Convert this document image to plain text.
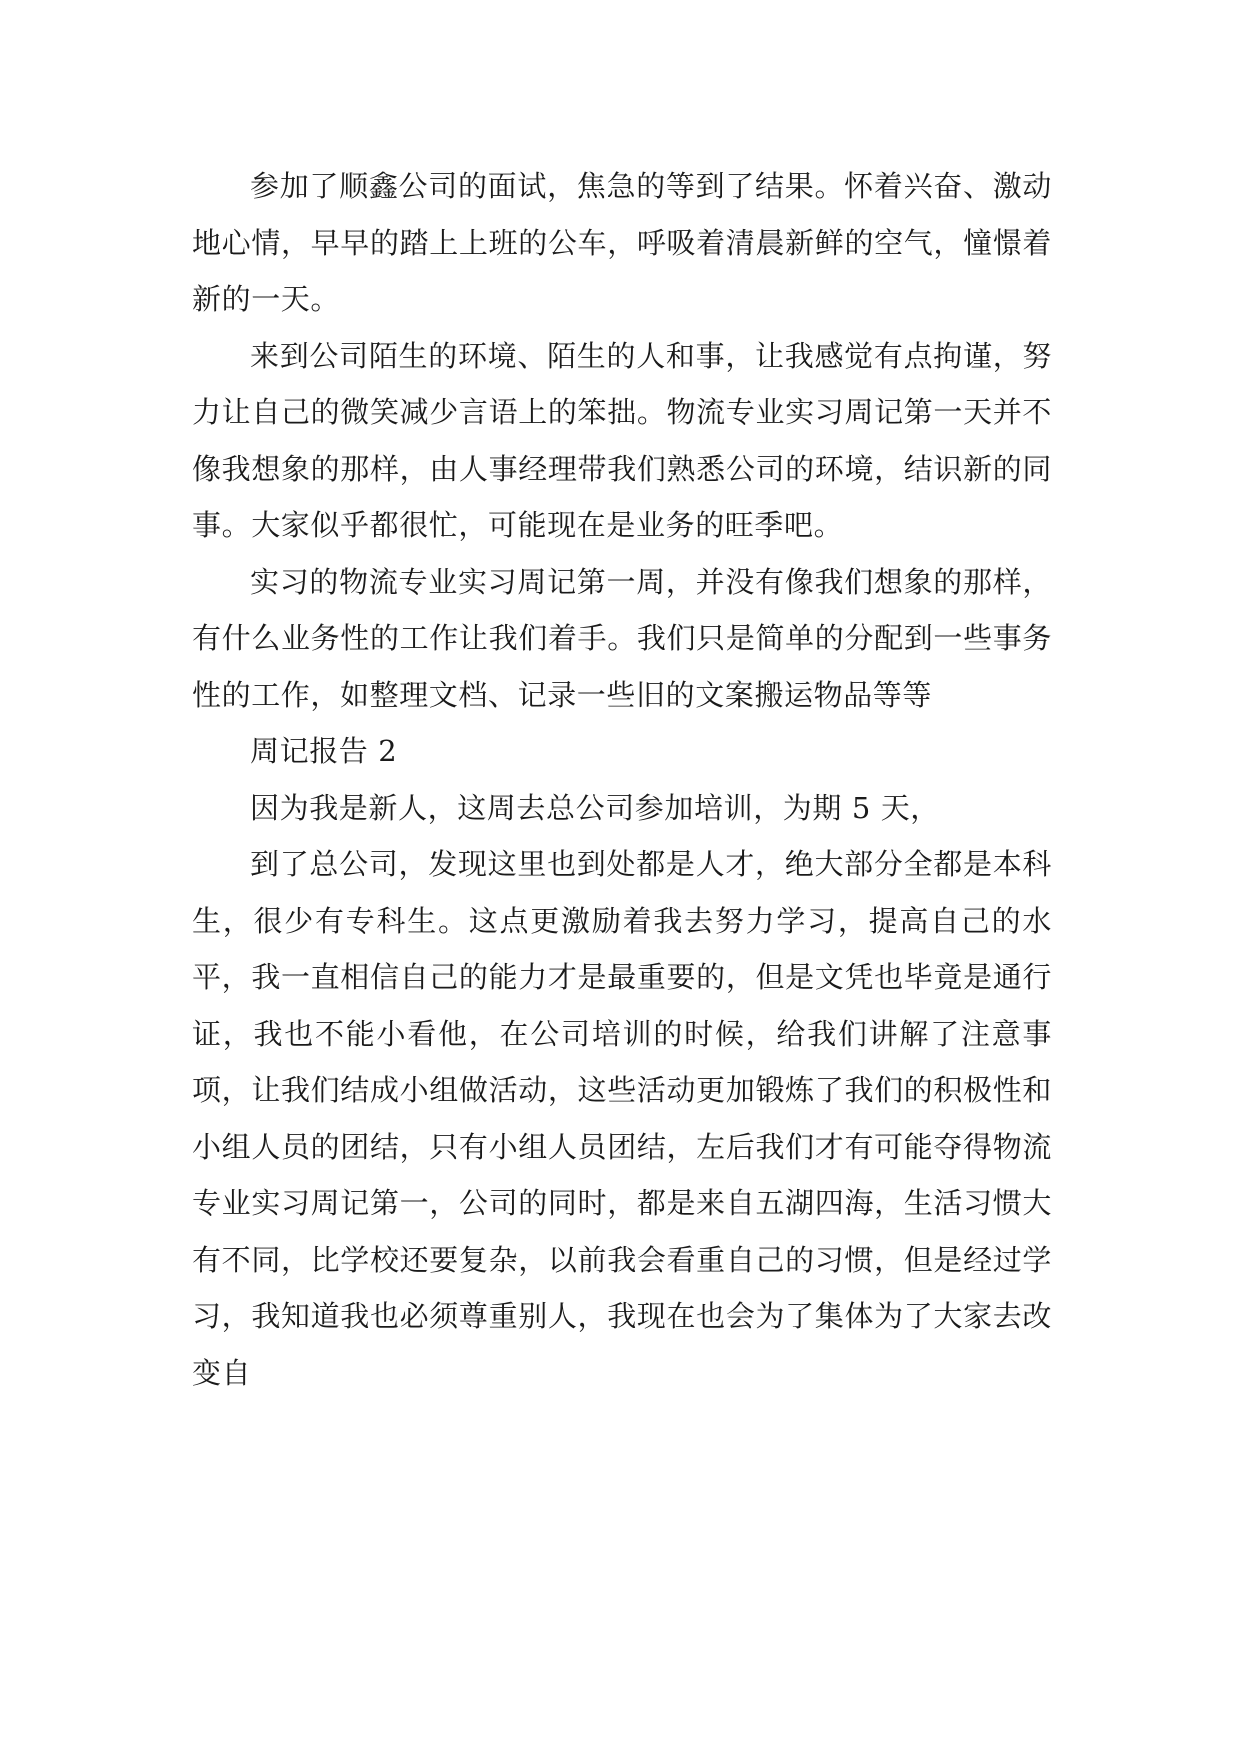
参加了顺鑫公司的面试，焦急的等到了结果。怀着兴奋、激动地心情，早早的踏上上班的公车，呼吸着清晨新鲜的空气，憧憬着新的一天。

来到公司陌生的环境、陌生的人和事，让我感觉有点拘谨，努力让自己的微笑减少言语上的笨拙。物流专业实习周记第一天并不像我想象的那样，由人事经理带我们熟悉公司的环境，结识新的同事。大家似乎都很忙，可能现在是业务的旺季吧。

实习的物流专业实习周记第一周，并没有像我们想象的那样，有什么业务性的工作让我们着手。我们只是简单的分配到一些事务性的工作，如整理文档、记录一些旧的文案搬运物品等等

周记报告 2

因为我是新人，这周去总公司参加培训，为期 5 天，

到了总公司，发现这里也到处都是人才，绝大部分全都是本科生，很少有专科生。这点更激励着我去努力学习，提高自己的水平，我一直相信自己的能力才是最重要的，但是文凭也毕竟是通行证，我也不能小看他，在公司培训的时候，给我们讲解了注意事项，让我们结成小组做活动，这些活动更加锻炼了我们的积极性和小组人员的团结，只有小组人员团结，左后我们才有可能夺得物流专业实习周记第一，公司的同时，都是来自五湖四海，生活习惯大有不同，比学校还要复杂，以前我会看重自己的习惯，但是经过学习，我知道我也必须尊重别人，我现在也会为了集体为了大家去改变自
